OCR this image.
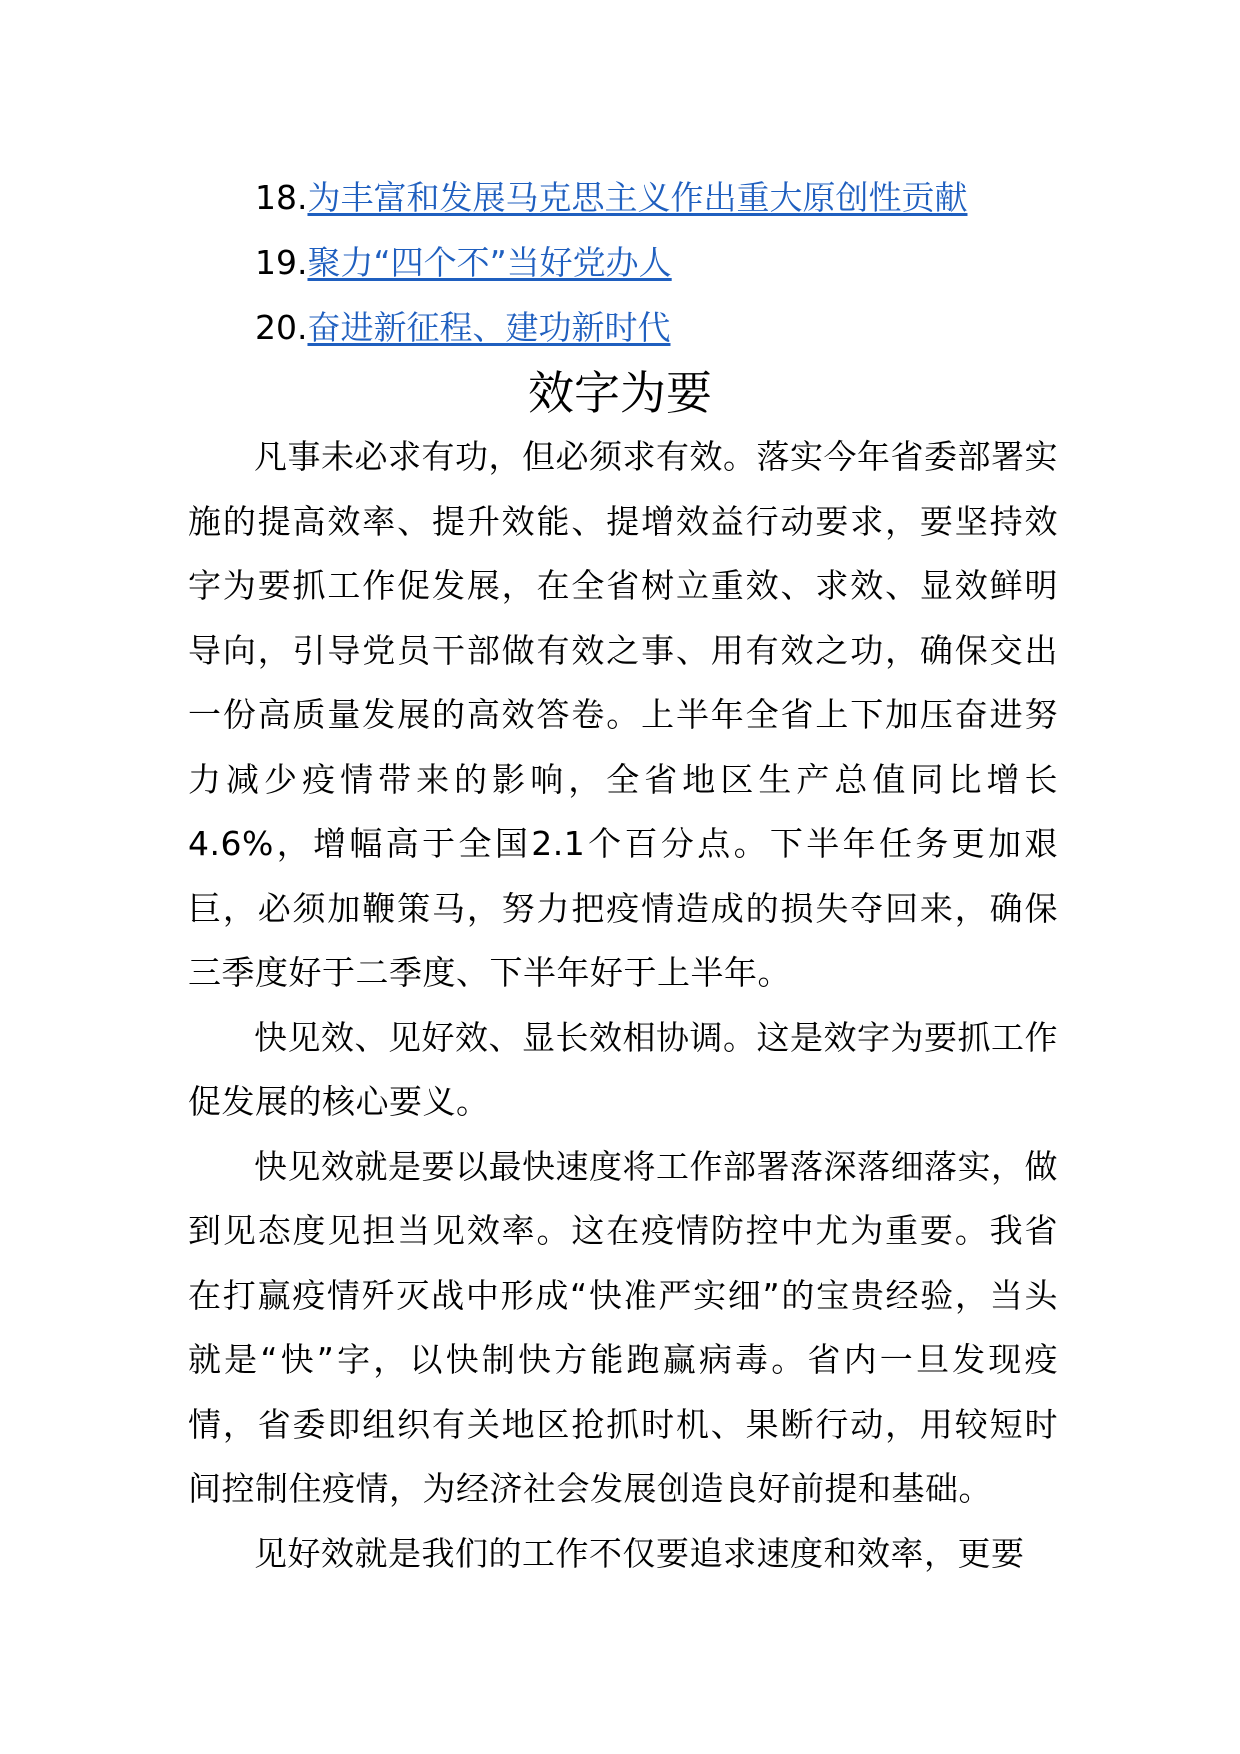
18.为丰富和发展马克思主义作出重大原创性贡献
19.聚力“四个不”当好党办人
20.奋进新征程、建功新时代
效字为要

凡事未必求有功，但必须求有效。落实今年省委部署实施的提高效率、提升效能、提增效益行动要求，要坚持效字为要抓工作促发展，在全省树立重效、求效、显效鲜明导向，引导党员干部做有效之事、用有效之功，确保交出一份高质量发展的高效答卷。上半年全省上下加压奋进努力减少疫情带来的影响，全省地区生产总值同比增长4.6%，增幅高于全国2.1个百分点。下半年任务更加艰巨，必须加鞭策马，努力把疫情造成的损失夺回来，确保三季度好于二季度、下半年好于上半年。

快见效、见好效、显长效相协调。这是效字为要抓工作促发展的核心要义。

快见效就是要以最快速度将工作部署落深落细落实，做到见态度见担当见效率。这在疫情防控中尤为重要。我省在打赢疫情歼灭战中形成“快准严实细”的宝贵经验，当头就是“快”字，以快制快方能跑赢病毒。省内一旦发现疫情，省委即组织有关地区抢抓时机、果断行动，用较短时间控制住疫情，为经济社会发展创造良好前提和基础。

见好效就是我们的工作不仅要追求速度和效率，更要
